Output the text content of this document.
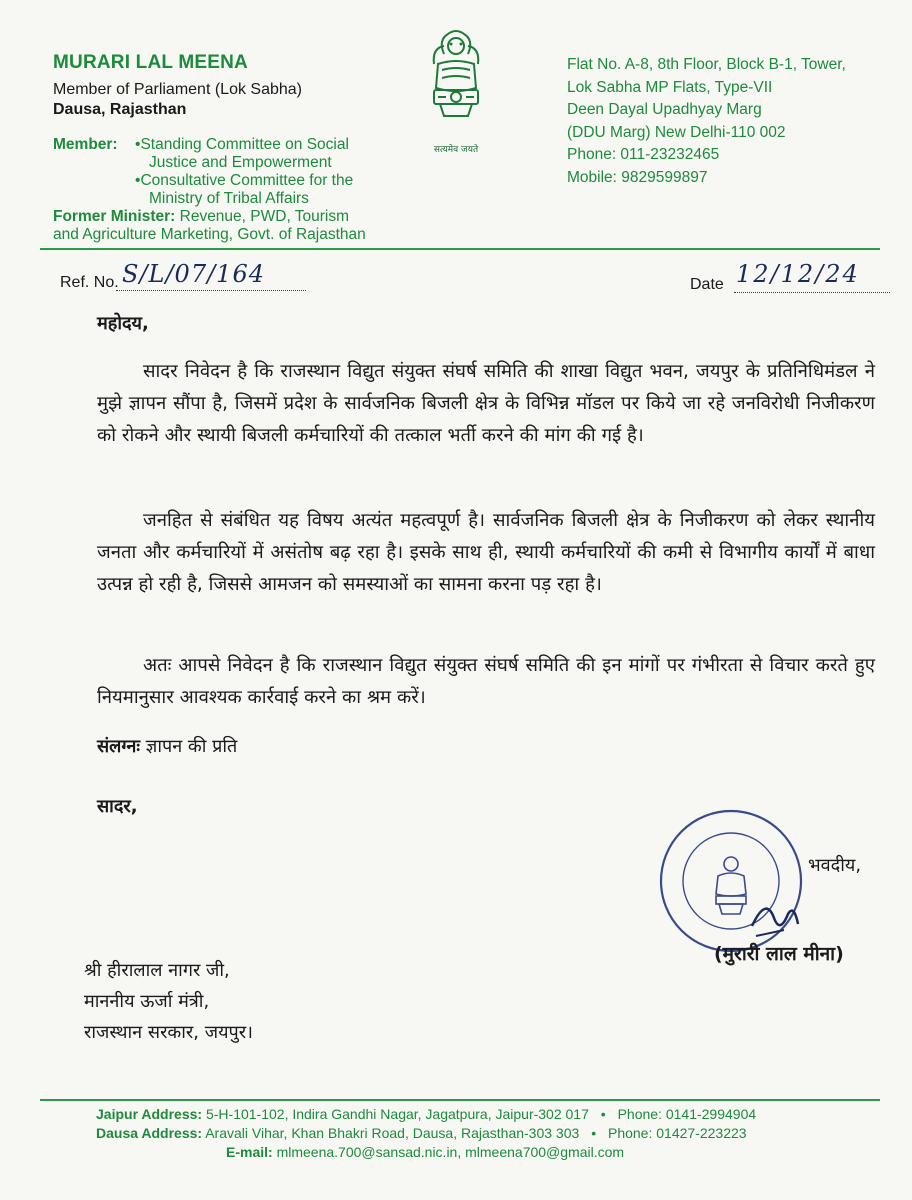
MURARI LAL MEENA
Member of Parliament (Lok Sabha)
Dausa, Rajasthan
Member:	•Standing Committee on Social
Justice and Empowerment
•Consultative Committee for the
Ministry of Tribal Affairs
Former Minister: Revenue, PWD, Tourism
and Agriculture Marketing, Govt. of Rajasthan
सत्यमेव जयते
Flat No. A-8, 8th Floor, Block B-1, Tower,
Lok Sabha MP Flats, Type-VII
Deen Dayal Upadhyay Marg
(DDU Marg) New Delhi-110 002
Phone: 011-23232465
Mobile: 9829599897
Ref. No. S/L/07/164	Date 12/12/24
महोदय,
सादर निवेदन है कि राजस्थान विद्युत संयुक्त संघर्ष समिति की शाखा विद्युत भवन, जयपुर के प्रतिनिधिमंडल ने मुझे ज्ञापन सौंपा है, जिसमें प्रदेश के सार्वजनिक बिजली क्षेत्र के विभिन्न मॉडल पर किये जा रहे जनविरोधी निजीकरण को रोकने और स्थायी बिजली कर्मचारियों की तत्काल भर्ती करने की मांग की गई है।
जनहित से संबंधित यह विषय अत्यंत महत्वपूर्ण है। सार्वजनिक बिजली क्षेत्र के निजीकरण को लेकर स्थानीय जनता और कर्मचारियों में असंतोष बढ़ रहा है। इसके साथ ही, स्थायी कर्मचारियों की कमी से विभागीय कार्यों में बाधा उत्पन्न हो रही है, जिससे आमजन को समस्याओं का सामना करना पड़ रहा है।
अतः आपसे निवेदन है कि राजस्थान विद्युत संयुक्त संघर्ष समिति की इन मांगों पर गंभीरता से विचार करते हुए नियमानुसार आवश्यक कार्रवाई करने का श्रम करें।
संलग्नः ज्ञापन की प्रति
सादर,
भवदीय,
(मुरारी लाल मीना)
श्री हीरालाल नागर जी,
माननीय ऊर्जा मंत्री,
राजस्थान सरकार, जयपुर।
Jaipur Address: 5-H-101-102, Indira Gandhi Nagar, Jagatpura, Jaipur-302 017 • Phone: 0141-2994904
Dausa Address: Aravali Vihar, Khan Bhakri Road, Dausa, Rajasthan-303 303 • Phone: 01427-223223
E-mail: mlmeena.700@sansad.nic.in, mlmeena700@gmail.com
